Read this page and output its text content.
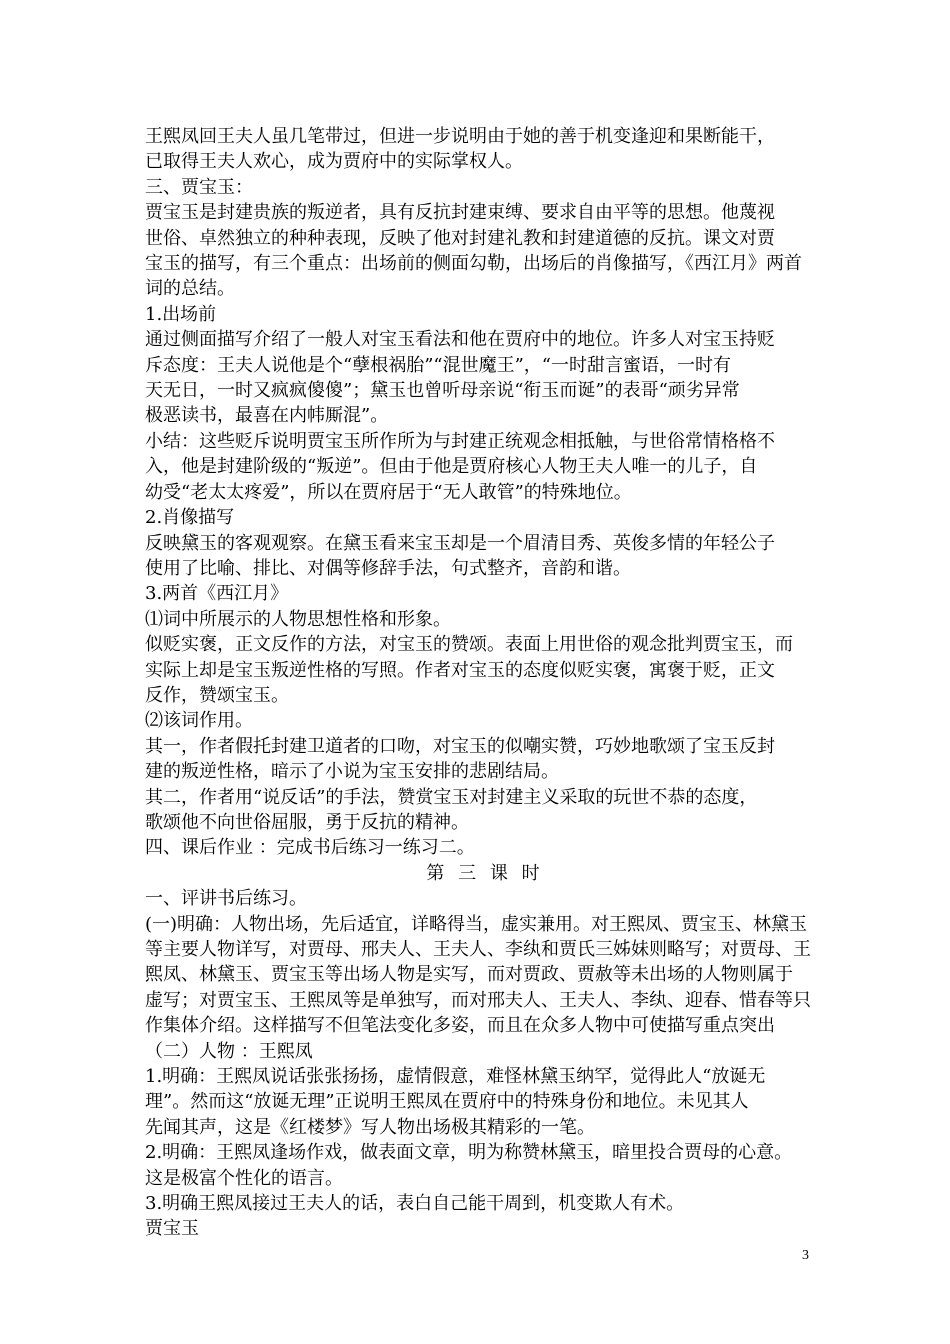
王熙凤回王夫人虽几笔带过，但进一步说明由于她的善于机变逢迎和果断能干，

已取得王夫人欢心，成为贾府中的实际掌权人。

三、贾宝玉：

贾宝玉是封建贵族的叛逆者，具有反抗封建束缚、要求自由平等的思想。他蔑视

世俗、卓然独立的种种表现，反映了他对封建礼教和封建道德的反抗。课文对贾

宝玉的描写，有三个重点：出场前的侧面勾勒，出场后的肖像描写，《西江月》两首

词的总结。

1.出场前

通过侧面描写介绍了一般人对宝玉看法和他在贾府中的地位。许多人对宝玉持贬

斥态度：王夫人说他是个“孽根祸胎”“混世魔王”，“一时甜言蜜语，一时有

天无日，一时又疯疯傻傻”；黛玉也曾听母亲说“衔玉而诞”的表哥“顽劣异常

极恶读书，最喜在内帏厮混”。

小结：这些贬斥说明贾宝玉所作所为与封建正统观念相抵触，与世俗常情格格不

入，他是封建阶级的“叛逆”。但由于他是贾府核心人物王夫人唯一的儿子，自

幼受“老太太疼爱”，所以在贾府居于“无人敢管”的特殊地位。

2.肖像描写

反映黛玉的客观观察。在黛玉看来宝玉却是一个眉清目秀、英俊多情的年轻公子

使用了比喻、排比、对偶等修辞手法，句式整齐，音韵和谐。

3.两首《西江月》

⑴词中所展示的人物思想性格和形象。

似贬实褒，正文反作的方法，对宝玉的赞颂。表面上用世俗的观念批判贾宝玉，而

实际上却是宝玉叛逆性格的写照。作者对宝玉的态度似贬实褒，寓褒于贬，正文

反作，赞颂宝玉。

⑵该词作用。

其一，作者假托封建卫道者的口吻，对宝玉的似嘲实赞，巧妙地歌颂了宝玉反封

建的叛逆性格，暗示了小说为宝玉安排的悲剧结局。

其二，作者用“说反话”的手法，赞赏宝玉对封建主义采取的玩世不恭的态度，

歌颂他不向世俗屈服，勇于反抗的精神。

四、课后作业 ：完成书后练习一练习二。

第 三 课 时

一、评讲书后练习。

(一)明确：人物出场，先后适宜，详略得当，虚实兼用。对王熙凤、贾宝玉、林黛玉

等主要人物详写，对贾母、邢夫人、王夫人、李纨和贾氏三姊妹则略写；对贾母、王

熙凤、林黛玉、贾宝玉等出场人物是实写，而对贾政、贾赦等未出场的人物则属于

虚写；对贾宝玉、王熙凤等是单独写，而对邢夫人、王夫人、李纨、迎春、惜春等只

作集体介绍。这样描写不但笔法变化多姿，而且在众多人物中可使描写重点突出

（二）人物 ：王熙凤

1.明确：王熙凤说话张张扬扬，虚情假意，难怪林黛玉纳罕，觉得此人“放诞无

理”。然而这“放诞无理”正说明王熙凤在贾府中的特殊身份和地位。未见其人

先闻其声，这是《红楼梦》写人物出场极其精彩的一笔。

2.明确：王熙凤逢场作戏，做表面文章，明为称赞林黛玉，暗里投合贾母的心意。

这是极富个性化的语言。

3.明确王熙凤接过王夫人的话，表白自己能干周到，机变欺人有术。

贾宝玉

3
